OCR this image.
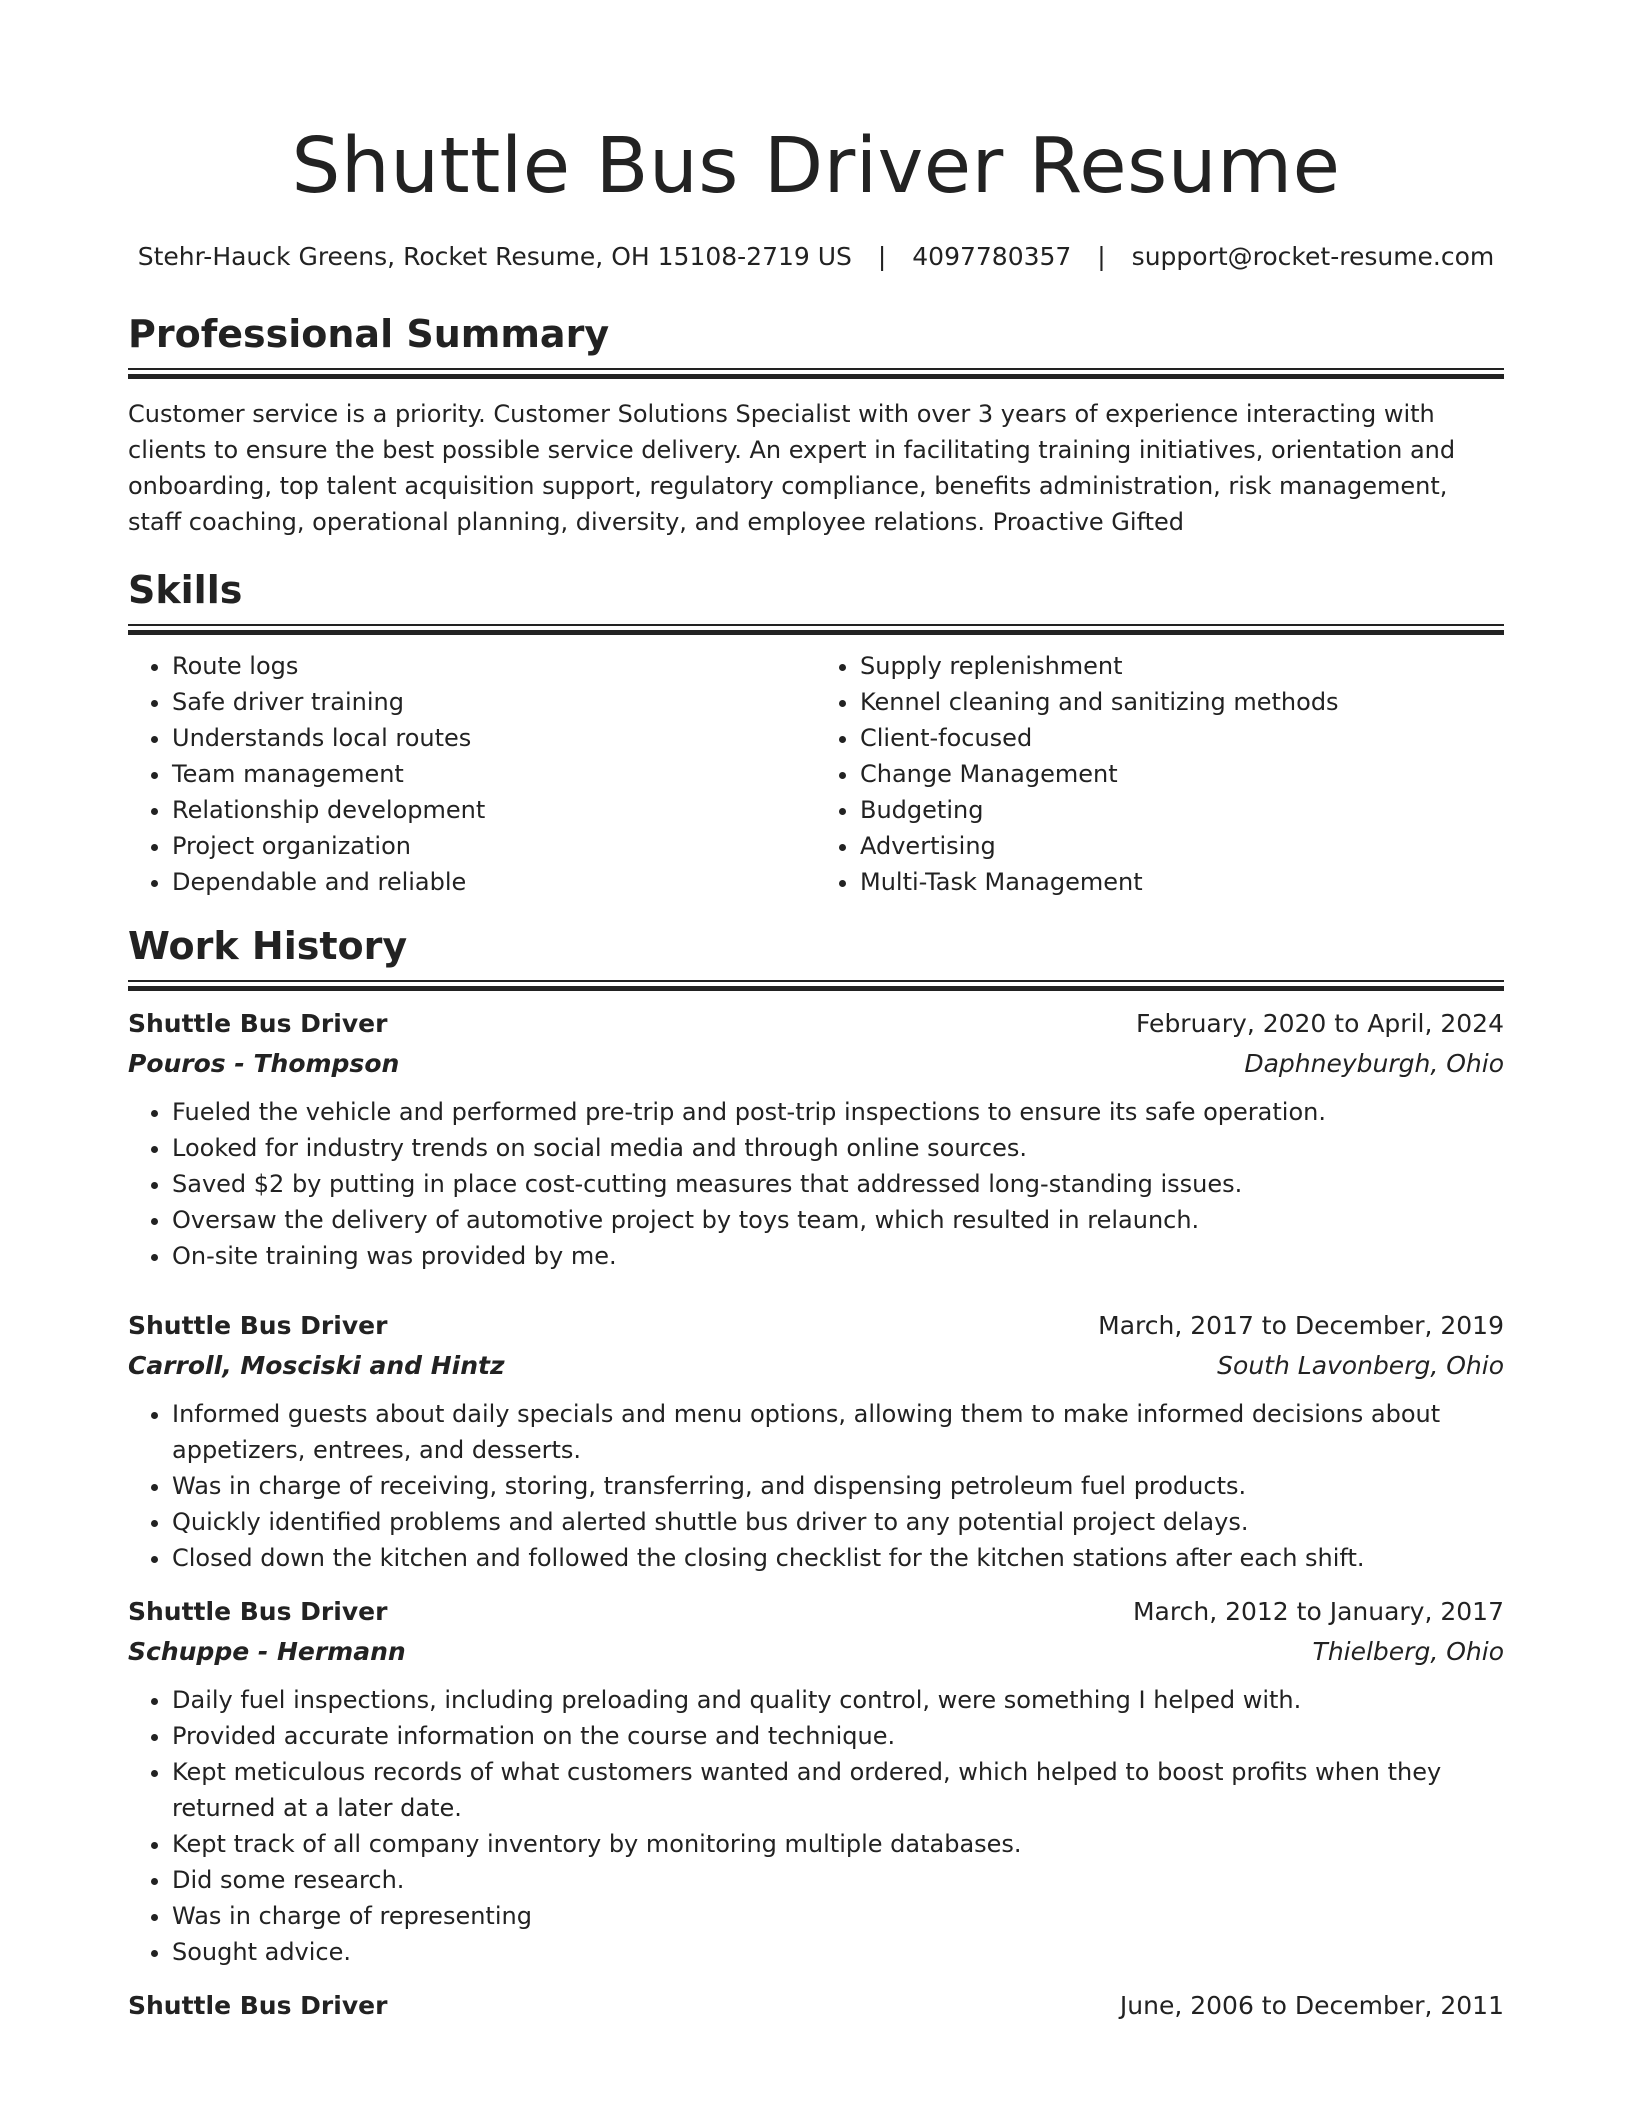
Shuttle Bus Driver Resume
Stehr-Hauck Greens, Rocket Resume, OH 15108-2719 US | 4097780357 | support@rocket-resume.com
Professional Summary

Customer service is a priority. Customer Solutions Specialist with over 3 years of experience interacting with clients to ensure the best possible service delivery. An expert in facilitating training initiatives, orientation and onboarding, top talent acquisition support, regulatory compliance, benefits administration, risk management, staff coaching, operational planning, diversity, and employee relations. Proactive Gifted

Skills
• Route logs
• Safe driver training
• Understands local routes
• Team management
• Relationship development
• Project organization
• Dependable and reliable
• Supply replenishment
• Kennel cleaning and sanitizing methods
• Client-focused
• Change Management
• Budgeting
• Advertising
• Multi-Task Management
Work History
Shuttle Bus Driver	February, 2020 to April, 2024
Pouros - Thompson	Daphneyburgh, Ohio
• Fueled the vehicle and performed pre-trip and post-trip inspections to ensure its safe operation.
• Looked for industry trends on social media and through online sources.
• Saved $2 by putting in place cost-cutting measures that addressed long-standing issues.
• Oversaw the delivery of automotive project by toys team, which resulted in relaunch.
• On-site training was provided by me.
Shuttle Bus Driver	March, 2017 to December, 2019
Carroll, Mosciski and Hintz	South Lavonberg, Ohio
• Informed guests about daily specials and menu options, allowing them to make informed decisions about appetizers, entrees, and desserts.
• Was in charge of receiving, storing, transferring, and dispensing petroleum fuel products.
• Quickly identified problems and alerted shuttle bus driver to any potential project delays.
• Closed down the kitchen and followed the closing checklist for the kitchen stations after each shift.
Shuttle Bus Driver	March, 2012 to January, 2017
Schuppe - Hermann	Thielberg, Ohio
• Daily fuel inspections, including preloading and quality control, were something I helped with.
• Provided accurate information on the course and technique.
• Kept meticulous records of what customers wanted and ordered, which helped to boost profits when they returned at a later date.
• Kept track of all company inventory by monitoring multiple databases.
• Did some research.
• Was in charge of representing
• Sought advice.
Shuttle Bus Driver	June, 2006 to December, 2011
